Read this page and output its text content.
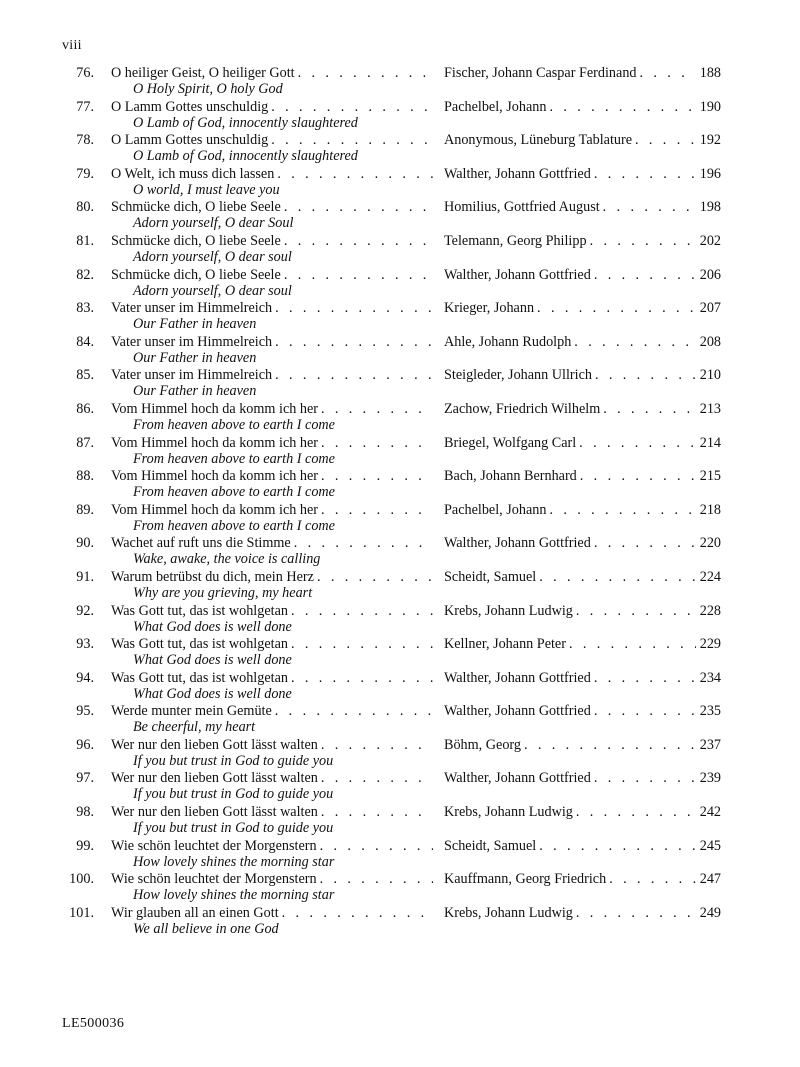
viii
76. O heiliger Geist, O heiliger Gott . . .	Fischer, Johann Caspar Ferdinand . . .	188
O Holy Spirit, O holy God
77. O Lamm Gottes unschuldig . . .	Pachelbel, Johann . . .	190
O Lamb of God, innocently slaughtered
78. O Lamm Gottes unschuldig . . .	Anonymous, Lüneburg Tablature . . .	192
O Lamb of God, innocently slaughtered
79. O Welt, ich muss dich lassen . . .	Walther, Johann Gottfried . . .	196
O world, I must leave you
80. Schmücke dich, O liebe Seele . . .	Homilius, Gottfried August . . .	198
Adorn yourself, O dear Soul
81. Schmücke dich, O liebe Seele . . .	Telemann, Georg Philipp . . .	202
Adorn yourself, O dear soul
82. Schmücke dich, O liebe Seele . . .	Walther, Johann Gottfried . . .	206
Adorn yourself, O dear soul
83. Vater unser im Himmelreich . . .	Krieger, Johann . . .	207
Our Father in heaven
84. Vater unser im Himmelreich . . .	Ahle, Johann Rudolph . . .	208
Our Father in heaven
85. Vater unser im Himmelreich . . .	Steigleder, Johann Ullrich . . .	210
Our Father in heaven
86. Vom Himmel hoch da komm ich her . . .	Zachow, Friedrich Wilhelm . . .	213
From heaven above to earth I come
87. Vom Himmel hoch da komm ich her . . .	Briegel, Wolfgang Carl . . .	214
From heaven above to earth I come
88. Vom Himmel hoch da komm ich her . . .	Bach, Johann Bernhard . . .	215
From heaven above to earth I come
89. Vom Himmel hoch da komm ich her . . .	Pachelbel, Johann . . .	218
From heaven above to earth I come
90. Wachet auf ruft uns die Stimme . . .	Walther, Johann Gottfried . . .	220
Wake, awake, the voice is calling
91. Warum betrübst du dich, mein Herz . . .	Scheidt, Samuel . . .	224
Why are you grieving, my heart
92. Was Gott tut, das ist wohlgetan . . .	Krebs, Johann Ludwig . . .	228
What God does is well done
93. Was Gott tut, das ist wohlgetan . . .	Kellner, Johann Peter . . .	229
What God does is well done
94. Was Gott tut, das ist wohlgetan . . .	Walther, Johann Gottfried . . .	234
What God does is well done
95. Werde munter mein Gemüte . . .	Walther, Johann Gottfried . . .	235
Be cheerful, my heart
96. Wer nur den lieben Gott lässt walten . . .	Böhm, Georg . . .	237
If you but trust in God to guide you
97. Wer nur den lieben Gott lässt walten . . .	Walther, Johann Gottfried . . .	239
If you but trust in God to guide you
98. Wer nur den lieben Gott lässt walten . . .	Krebs, Johann Ludwig . . .	242
If you but trust in God to guide you
99. Wie schön leuchtet der Morgenstern . . .	Scheidt, Samuel . . .	245
How lovely shines the morning star
100. Wie schön leuchtet der Morgenstern . . .	Kauffmann, Georg Friedrich . . .	247
How lovely shines the morning star
101. Wir glauben all an einen Gott . . .	Krebs, Johann Ludwig . . .	249
We all believe in one God
LE500036
